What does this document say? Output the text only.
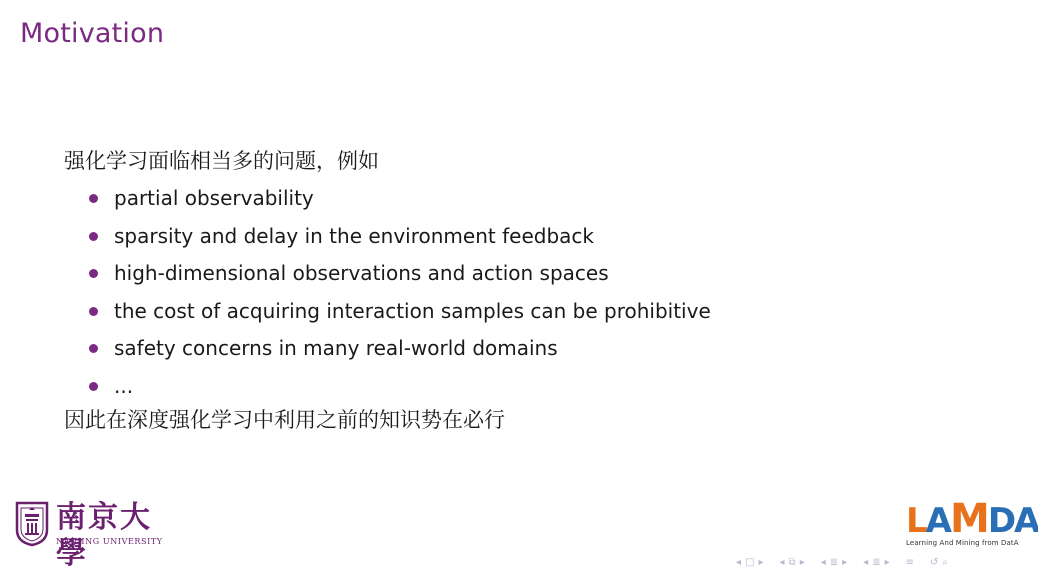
Motivation
强化学习面临相当多的问题，例如
partial observability
sparsity and delay in the environment feedback
high-dimensional observations and action spaces
the cost of acquiring interaction samples can be prohibitive
safety concerns in many real-world domains
...
因此在深度强化学习中利用之前的知识势在必行
南京大學
NANJING UNIVERSITY
LAMDA
Learning And Mining from DatA
◂ □ ▸ ◂ ⧉ ▸ ◂ ≣ ▸ ◂ ≣ ▸ ≡ ↺ ⌕
